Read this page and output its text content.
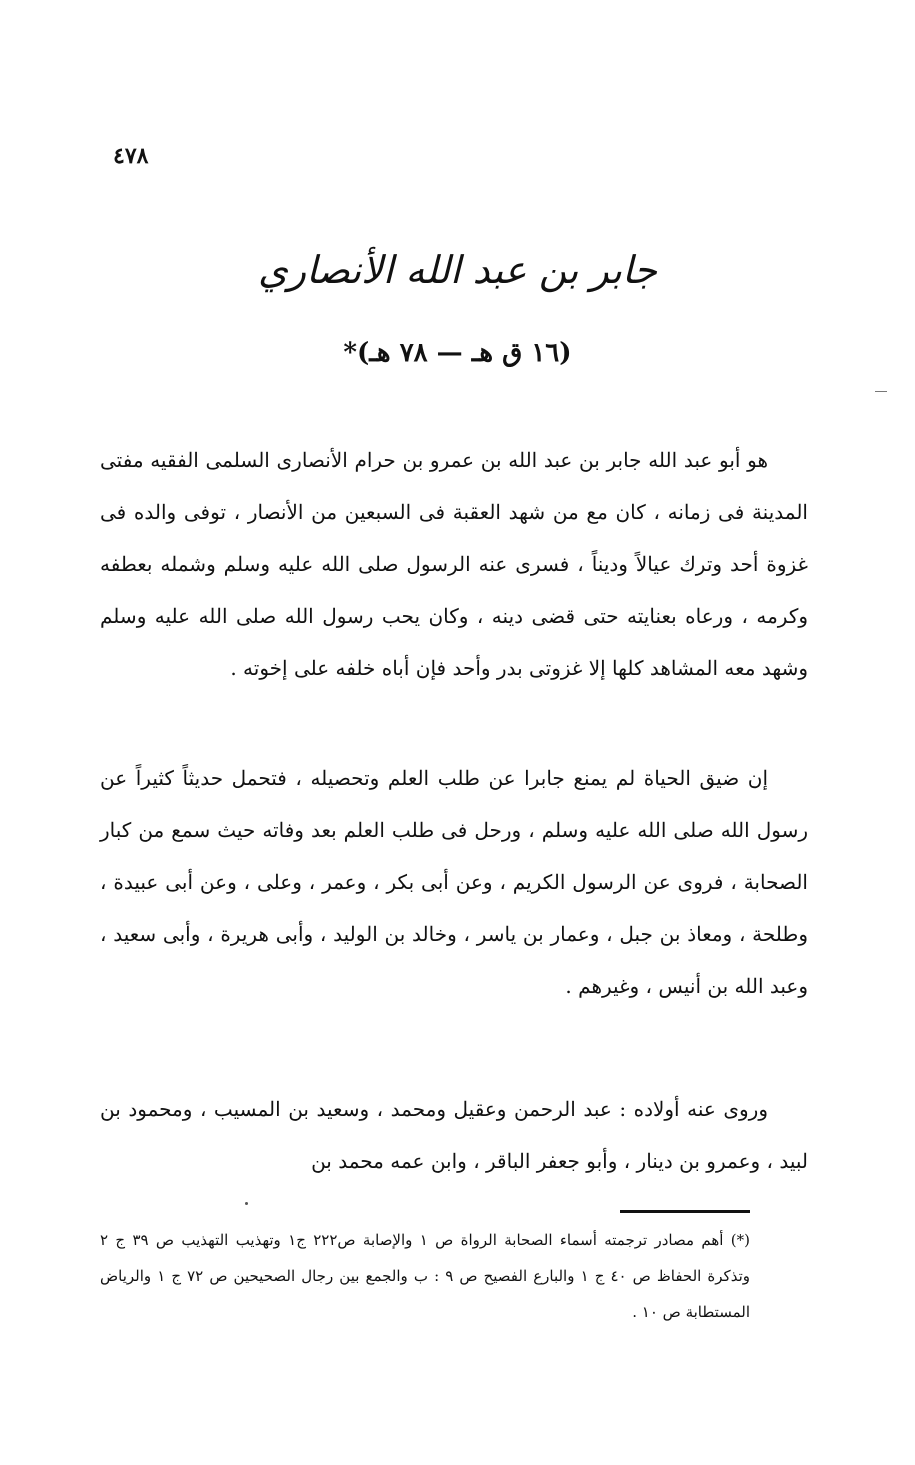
٤٧٨
جابر بن عبد الله الأنصاري
(١٦ ق هـ — ٧٨ هـ)*

هو أبو عبد الله جابر بن عبد الله بن عمرو بن حرام الأنصارى السلمى الفقيه مفتى المدينة فى زمانه ، كان مع من شهد العقبة فى السبعين من الأنصار ، توفى والده فى غزوة أحد وترك عيالاً وديناً ، فسرى عنه الرسول صلى الله عليه وسلم وشمله بعطفه وكرمه ، ورعاه بعنايته حتى قضى دينه ، وكان يحب رسول الله صلى الله عليه وسلم وشهد معه المشاهد كلها إلا غزوتى بدر وأحد فإن أباه خلفه على إخوته .

إن ضيق الحياة لم يمنع جابرا عن طلب العلم وتحصيله ، فتحمل حديثاً كثيراً عن رسول الله صلى الله عليه وسلم ، ورحل فى طلب العلم بعد وفاته حيث سمع من كبار الصحابة ، فروى عن الرسول الكريم ، وعن أبى بكر ، وعمر ، وعلى ، وعن أبى عبيدة ، وطلحة ، ومعاذ بن جبل ، وعمار بن ياسر ، وخالد بن الوليد ، وأبى هريرة ، وأبى سعيد ، وعبد الله بن أنيس ، وغيرهم .

وروى عنه أولاده : عبد الرحمن وعقيل ومحمد ، وسعيد بن المسيب ، ومحمود بن لبيد ، وعمرو بن دينار ، وأبو جعفر الباقر ، وابن عمه محمد بن

(*) أهم مصادر ترجمته أسماء الصحابة الرواة ص ١ والإصابة ص٢٢٢ ج١ وتهذيب التهذيب ص ٣٩ ج ٢ وتذكرة الحفاظ ص ٤٠ ج ١ والبارع الفصيح ص ٩ : ب والجمع بين رجال الصحيحين ص ٧٢ ج ١ والرياض المستطابة ص ١٠ .
